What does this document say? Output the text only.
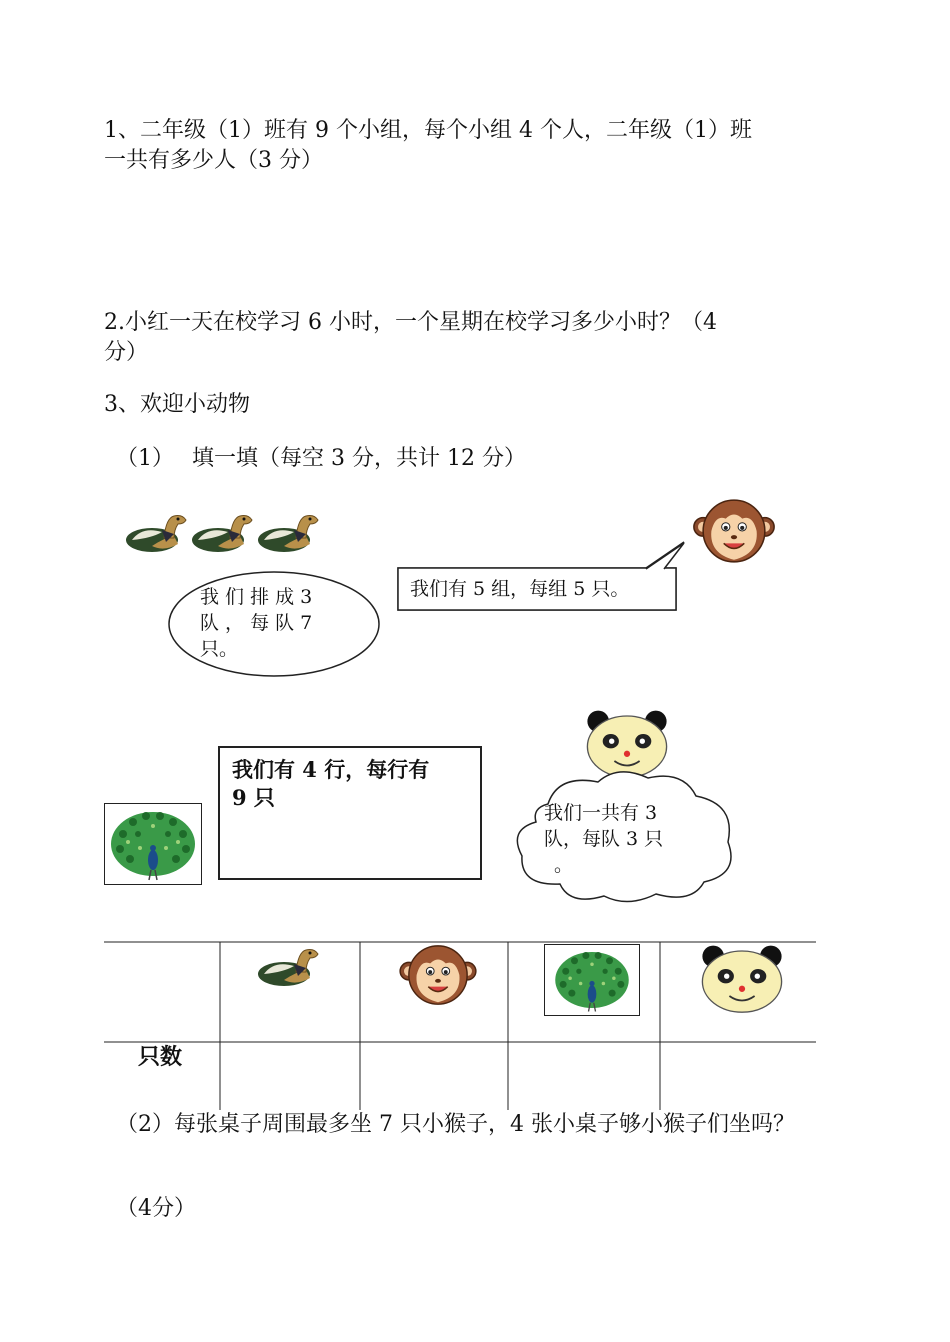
1、二年级（1）班有 9 个小组，每个小组 4 个人，二年级（1）班
一共有多少人（3 分）
2.小红一天在校学习 6 小时，一个星期在校学习多少小时？（4
分）
3、欢迎小动物
（1） 填一填（每空 3 分，共计 12 分）
我 们 排 成 3
队 ， 每 队 7
只。
我们有 5 组，每组 5 只。
我们一共有 3
队，每队 3 只
。
我们有 4 行，每行有
9 只
只数
（2）每张桌子周围最多坐 7 只小猴子，4 张小桌子够小猴子们坐吗？
（4分）
